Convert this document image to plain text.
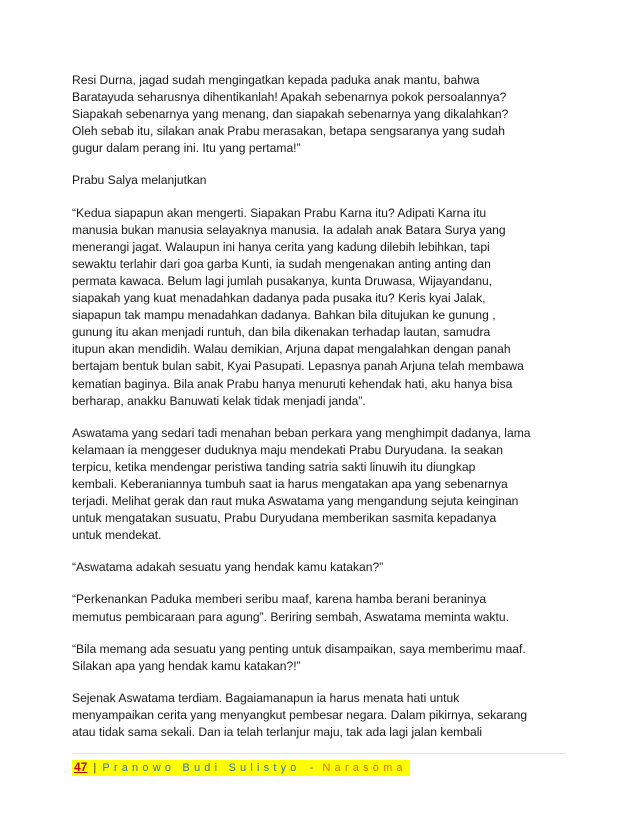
Resi Durna, jagad sudah mengingatkan kepada paduka anak mantu, bahwa
Baratayuda seharusnya dihentikanlah! Apakah sebenarnya pokok persoalannya?
Siapakah sebenarnya yang menang, dan siapakah sebenarnya yang dikalahkan?
Oleh sebab itu, silakan anak Prabu merasakan, betapa sengsaranya yang sudah
gugur dalam perang ini. Itu yang pertama!”

Prabu Salya melanjutkan

“Kedua siapapun akan mengerti. Siapakan Prabu Karna itu? Adipati Karna itu
manusia bukan manusia selayaknya manusia. Ia adalah anak Batara Surya yang
menerangi jagat. Walaupun ini hanya cerita yang kadung dilebih lebihkan, tapi
sewaktu terlahir dari goa garba Kunti, ia sudah mengenakan anting anting dan
permata kawaca. Belum lagi jumlah pusakanya, kunta Druwasa, Wijayandanu,
siapakah yang kuat menadahkan dadanya pada pusaka itu? Keris kyai Jalak,
siapapun tak mampu menadahkan dadanya. Bahkan bila ditujukan ke gunung ,
gunung itu akan menjadi runtuh, dan bila dikenakan terhadap lautan, samudra
itupun akan mendidih. Walau demikian, Arjuna dapat mengalahkan dengan panah
bertajam bentuk bulan sabit, Kyai Pasupati. Lepasnya panah Arjuna telah membawa
kematian baginya. Bila anak Prabu hanya menuruti kehendak hati, aku hanya bisa
berharap, anakku Banuwati kelak tidak menjadi janda”.

Aswatama yang sedari tadi menahan beban perkara yang menghimpit dadanya, lama
kelamaan ia menggeser duduknya maju mendekati Prabu Duryudana. Ia seakan
terpicu, ketika mendengar peristiwa tanding satria sakti linuwih itu diungkap
kembali. Keberaniannya tumbuh saat ia harus mengatakan apa yang sebenarnya
terjadi. Melihat gerak dan raut muka Aswatama yang mengandung sejuta keinginan
untuk mengatakan susuatu, Prabu Duryudana memberikan sasmita kepadanya
untuk mendekat.

“Aswatama adakah sesuatu yang hendak kamu katakan?”

“Perkenankan Paduka memberi seribu maaf, karena hamba berani beraninya
memutus pembicaraan para agung”. Beriring sembah, Aswatama meminta waktu.

“Bila memang ada sesuatu yang penting untuk disampaikan, saya memberimu maaf.
Silakan apa yang hendak kamu katakan?!”

Sejenak Aswatama terdiam. Bagaiamanapun ia harus menata hati untuk
menyampaikan cerita yang menyangkut pembesar negara. Dalam pikirnya, sekarang
atau tidak sama sekali. Dan ia telah terlanjur maju, tak ada lagi jalan kembali

47 | Pranowo Budi Sulistyo - Narasoma
